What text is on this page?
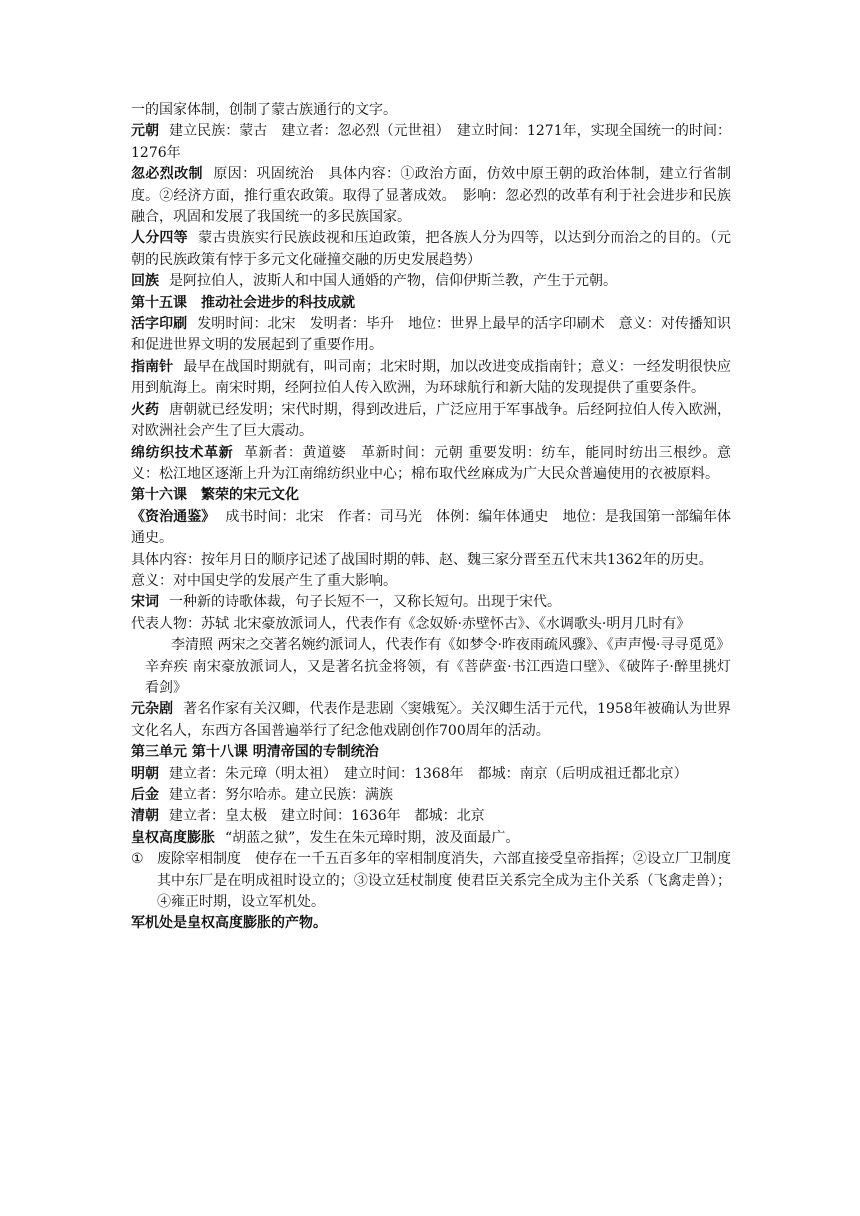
一的国家体制，创制了蒙古族通行的文字。

元朝 建立民族：蒙古　建立者：忽必烈（元世祖）　建立时间：1271年，实现全国统一的时间：1276年

忽必烈改制 原因：巩固统治　具体内容：①政治方面，仿效中原王朝的政治体制，建立行省制度。②经济方面，推行重农政策。取得了显著成效。　影响：忽必烈的改革有利于社会进步和民族融合，巩固和发展了我国统一的多民族国家。

人分四等 蒙古贵族实行民族歧视和压迫政策，把各族人分为四等，以达到分而治之的目的。（元朝的民族政策有悖于多元文化碰撞交融的历史发展趋势）

回族 是阿拉伯人，波斯人和中国人通婚的产物，信仰伊斯兰教，产生于元朝。

第十五课　推动社会进步的科技成就

活字印刷 发明时间：北宋　发明者：毕升　地位：世界上最早的活字印刷术　意义：对传播知识和促进世界文明的发展起到了重要作用。

指南针 最早在战国时期就有，叫司南；北宋时期，加以改进变成指南针；意义：一经发明很快应用到航海上。南宋时期，经阿拉伯人传入欧洲，为环球航行和新大陆的发现提供了重要条件。

火药 唐朝就已经发明；宋代时期，得到改进后，广泛应用于军事战争。后经阿拉伯人传入欧洲，对欧洲社会产生了巨大震动。

绵纺织技术革新 革新者：黄道婆　革新时间：元朝 重要发明：纺车，能同时纺出三根纱。意义：松江地区逐渐上升为江南绵纺织业中心；棉布取代丝麻成为广大民众普遍使用的衣被原料。

第十六课　繁荣的宋元文化

《资治通鉴》 成书时间：北宋　作者：司马光　体例：编年体通史　地位：是我国第一部编年体通史。

具体内容：按年月日的顺序记述了战国时期的韩、赵、魏三家分晋至五代末共1362年的历史。

意义：对中国史学的发展产生了重大影响。

宋词 一种新的诗歌体裁，句子长短不一，又称长短句。出现于宋代。

代表人物：苏轼 北宋豪放派词人，代表作有《念奴娇·赤壁怀古》、《水调歌头·明月几时有》

李清照 两宋之交著名婉约派词人，代表作有《如梦令·昨夜雨疏风骤》、《声声慢·寻寻觅觅》

辛弃疾 南宋豪放派词人，又是著名抗金将领，有《菩萨蛮·书江西造口壁》、《破阵子·醉里挑灯看剑》

元杂剧 著名作家有关汉卿，代表作是悲剧〈窦娥冤〉。关汉卿生活于元代，1958年被确认为世界文化名人，东西方各国普遍举行了纪念他戏剧创作700周年的活动。

第三单元 第十八课 明清帝国的专制统治

明朝 建立者：朱元璋（明太祖）　建立时间：1368年　都城：南京（后明成祖迁都北京）

后金 建立者：努尔哈赤。建立民族：满族

清朝 建立者：皇太极　建立时间：1636年　都城：北京

皇权高度膨胀 “胡蓝之狱”，发生在朱元璋时期，波及面最广。

① 废除宰相制度　使存在一千五百多年的宰相制度消失，六部直接受皇帝指挥；②设立厂卫制度 其中东厂是在明成祖时设立的；③设立廷杖制度 使君臣关系完全成为主仆关系（飞禽走兽）；④雍正时期，设立军机处。

军机处是皇权高度膨胀的产物。
